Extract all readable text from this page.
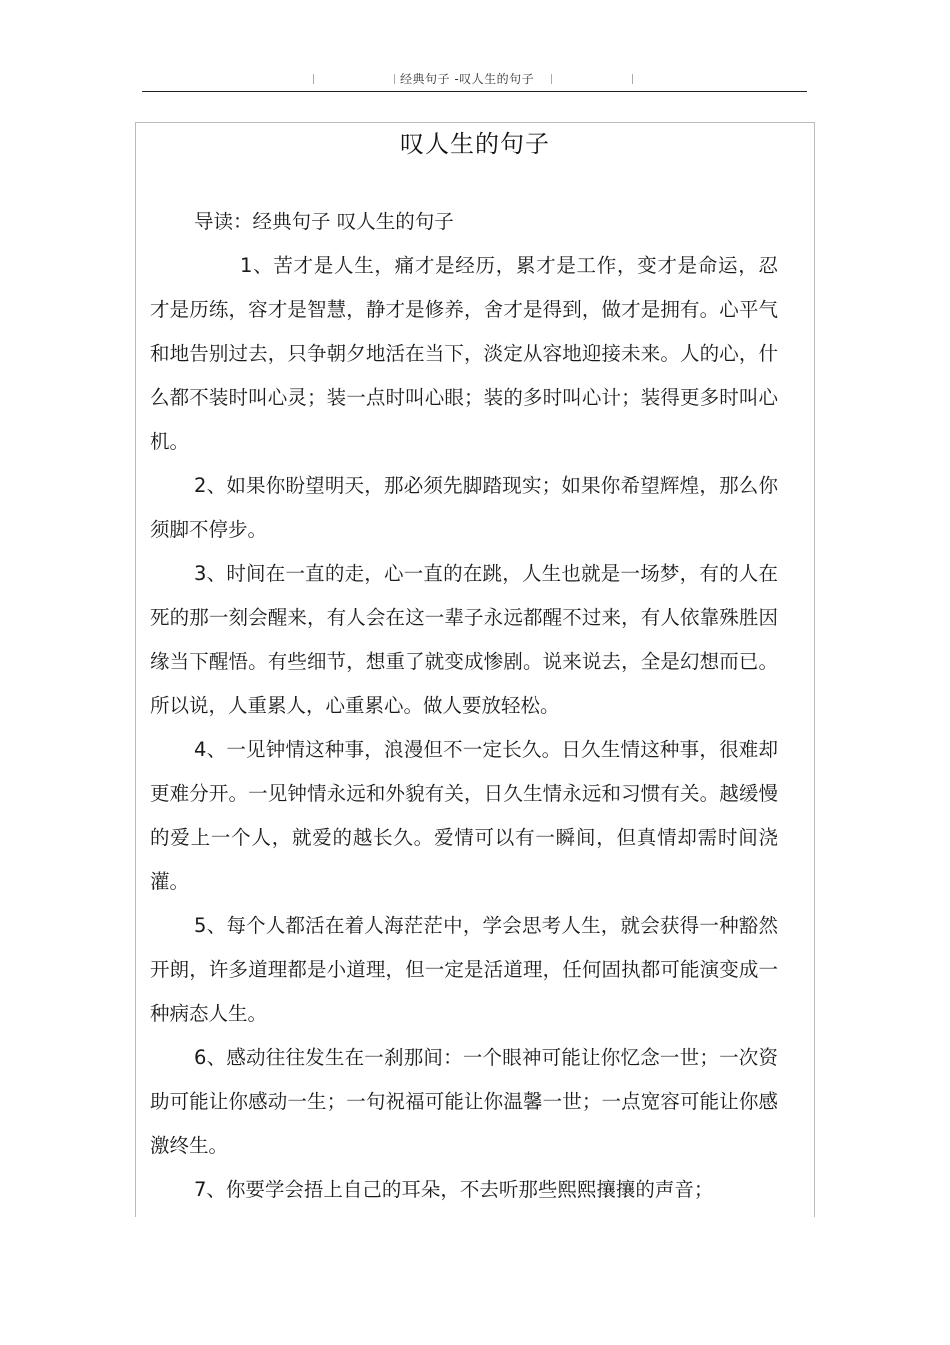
经典句子 -叹人生的句子
叹人生的句子

导读：经典句子 叹人生的句子

1、苦才是人生，痛才是经历，累才是工作，变才是命运，忍才是历练，容才是智慧，静才是修养，舍才是得到，做才是拥有。心平气和地告别过去，只争朝夕地活在当下，淡定从容地迎接未来。人的心，什么都不装时叫心灵；装一点时叫心眼；装的多时叫心计；装得更多时叫心机。

2、如果你盼望明天，那必须先脚踏现实；如果你希望辉煌，那么你须脚不停步。

3、时间在一直的走，心一直的在跳，人生也就是一场梦，有的人在死的那一刻会醒来，有人会在这一辈子永远都醒不过来，有人依靠殊胜因缘当下醒悟。有些细节，想重了就变成惨剧。说来说去，全是幻想而已。所以说，人重累人，心重累心。做人要放轻松。

4、一见钟情这种事，浪漫但不一定长久。日久生情这种事，很难却更难分开。一见钟情永远和外貌有关，日久生情永远和习惯有关。越缓慢的爱上一个人，就爱的越长久。爱情可以有一瞬间，但真情却需时间浇灌。

5、每个人都活在着人海茫茫中，学会思考人生，就会获得一种豁然开朗，许多道理都是小道理，但一定是活道理，任何固执都可能演变成一种病态人生。

6、感动往往发生在一刹那间：一个眼神可能让你忆念一世；一次资助可能让你感动一生；一句祝福可能让你温馨一世；一点宽容可能让你感激终生。

7、你要学会捂上自己的耳朵，不去听那些熙熙攘攘的声音；
